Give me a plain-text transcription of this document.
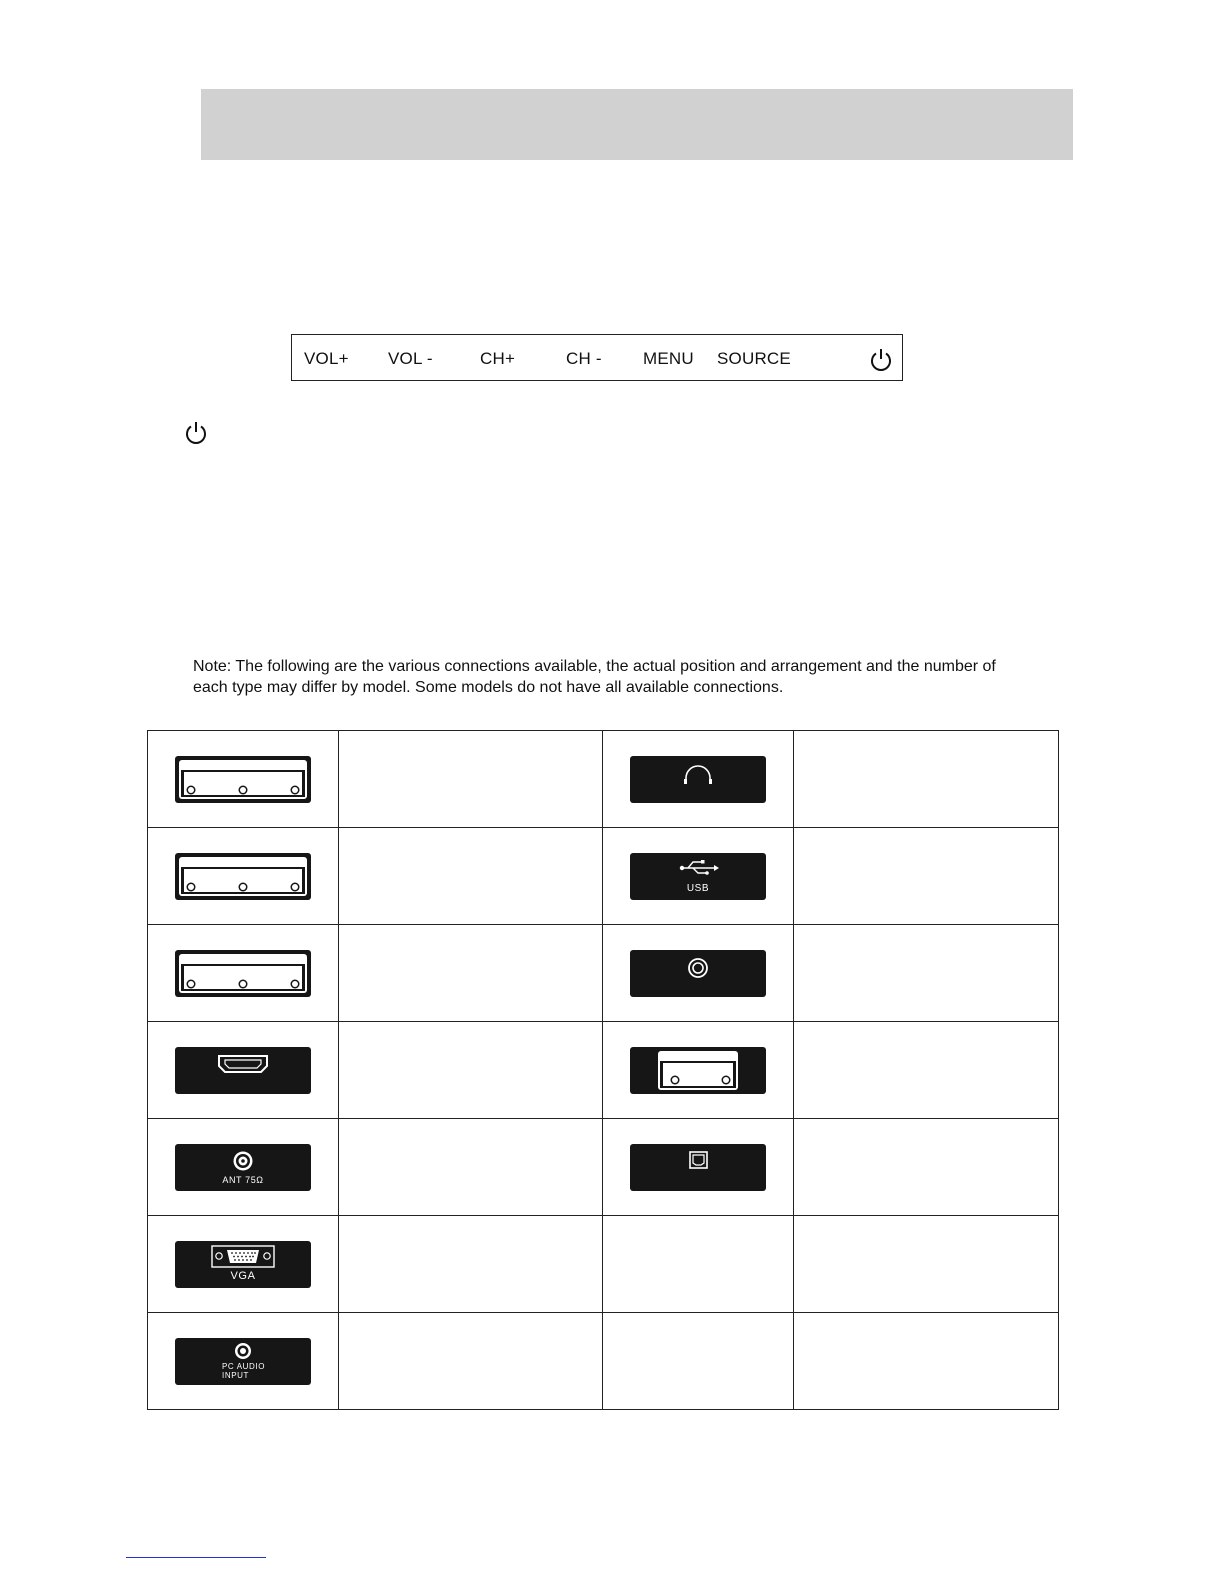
VOL+ VOL -	CH+	CH - MENU SOURCE

Note: The following are the various connections available, the actual position and arrangement and the number of

each type may differ by model. Some models do not have all available connections.

USB	

ANT 75Ω

VGA			

PC AUDIO
INPUT			
